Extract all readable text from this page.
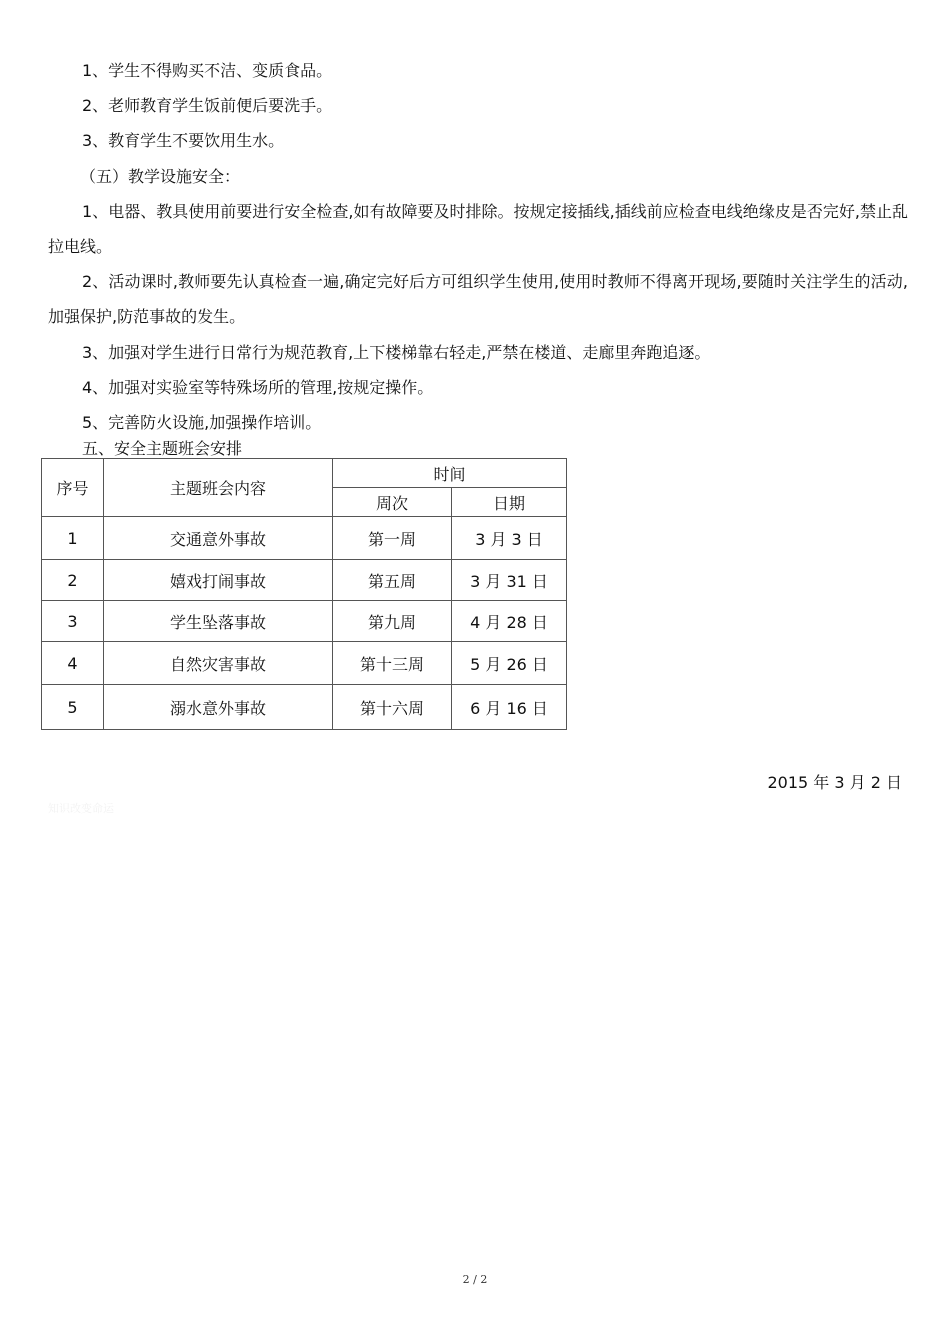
1、学生不得购买不洁、变质食品。
2、老师教育学生饭前便后要洗手。
3、教育学生不要饮用生水。
（五）教学设施安全：
1、电器、教具使用前要进行安全检查,如有故障要及时排除。按规定接插线,插线前应检查电线绝缘皮是否完好,禁止乱拉电线。
2、活动课时,教师要先认真检查一遍,确定完好后方可组织学生使用,使用时教师不得离开现场,要随时关注学生的活动,加强保护,防范事故的发生。
3、加强对学生进行日常行为规范教育,上下楼梯靠右轻走,严禁在楼道、走廊里奔跑追逐。
4、加强对实验室等特殊场所的管理,按规定操作。
5、完善防火设施,加强操作培训。
五、安全主题班会安排
序号	主题班会内容	时间	
		周次	日期
1	交通意外事故	第一周	3 月 3 日
2	嬉戏打闹事故	第五周	3 月 31 日
3	学生坠落事故	第九周	4 月 28 日
4	自然灾害事故	第十三周	5 月 26 日
5	溺水意外事故	第十六周	6 月 16 日
2015 年 3 月 2 日
知识改变命运
2 / 2
